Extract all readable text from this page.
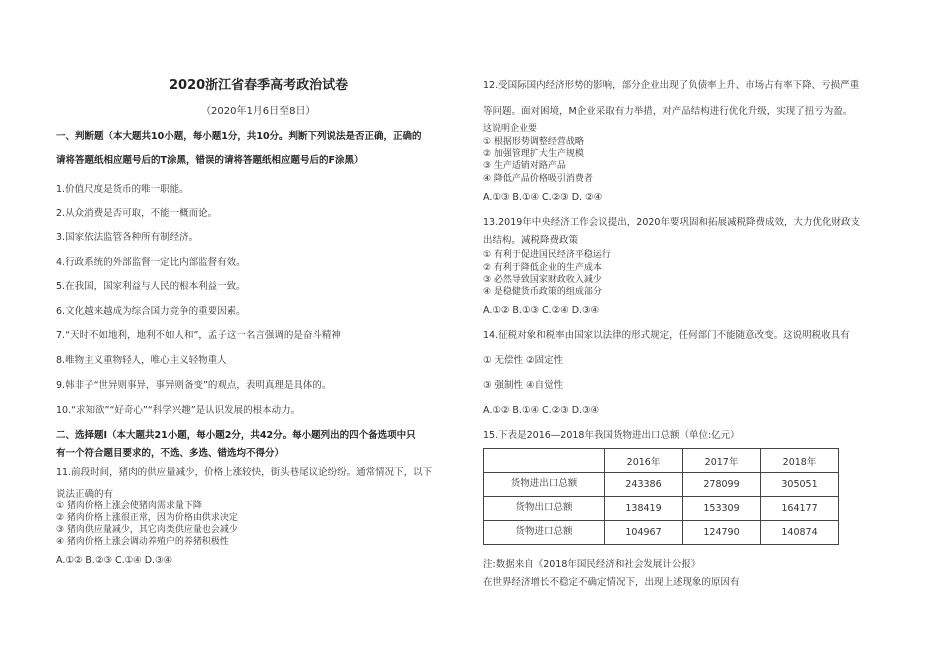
2020浙江省春季高考政治试卷
（2020年1月6日至8日）
一、判断题（本大题共10小题，每小题1分，共10分。判断下列说法是否正确，正确的
请将答题纸相应题号后的T涂黑，错误的请将答题纸相应题号后的F涂黑）
1.价值尺度是货币的唯一职能。
2.从众消费是否可取，不能一概而论。
3.国家依法监管各种所有制经济。
4.行政系统的外部监督一定比内部监督有效。
5.在我国，国家利益与人民的根本利益一致。
6.文化越来越成为综合国力竞争的重要因素。
7.“天时不如地利，地利不如人和”，孟子这一名言强调的是奋斗精神
8.唯物主义重物轻人，唯心主义轻物重人
9.韩非子“世异则事异，事异则备变”的观点，表明真理是具体的。
10.“求知欲”“好奇心”“科学兴趣”是认识发展的根本动力。
二、选择题Ⅰ（本大题共21小题，每小题2分，共42分。每小题列出的四个备选项中只
有一个符合题目要求的，不选、多选、错选均不得分）
11.前段时间，猪肉的供应量减少，价格上涨较快，街头巷尾议论纷纷。通常情况下，以下
说法正确的有
① 猪肉价格上涨会使猪肉需求量下降
② 猪肉价格上涨很正常，因为价格由供求决定
③ 猪肉供应量减少，其它肉类供应量也会减少
④ 猪肉价格上涨会调动养殖户的养猪积极性
A.①② B.②③ C.①④ D.③④
12.受国际国内经济形势的影响，部分企业出现了负债率上升、市场占有率下降、亏损严重
等问题。面对困境，M企业采取有力举措，对产品结构进行优化升级，实现了扭亏为盈。
这说明企业要
① 根据形势调整经营战略
② 加强管理扩大生产规模
③ 生产适销对路产品
④ 降低产品价格吸引消费者
A.①③ B.①④ C.②③ D. ②④
13.2019年中央经济工作会议提出，2020年要巩固和拓展减税降费成效，大力优化财政支
出结构。减税降费政策
① 有利于促进国民经济平稳运行
② 有利于降低企业的生产成本
③ 必然导致国家财政收入减少
④ 是稳健货币政策的组成部分
A.①② B.①③ C.②④ D.③④
14.征税对象和税率由国家以法律的形式规定，任何部门不能随意改变。这说明税收具有
① 无偿性 ②固定性
③ 强制性 ④自觉性
A.①② B.①④ C.②③ D.③④
15.下表是2016—2018年我国货物进出口总额（单位:亿元）
	2016年	2017年	2018年
货物进出口总额	243386	278099	305051
货物出口总额	138419	153309	164177
货物进口总额	104967	124790	140874
注:数据来自《2018年国民经济和社会发展计公报》
在世界经济增长不稳定不确定情况下，出现上述现象的原因有
